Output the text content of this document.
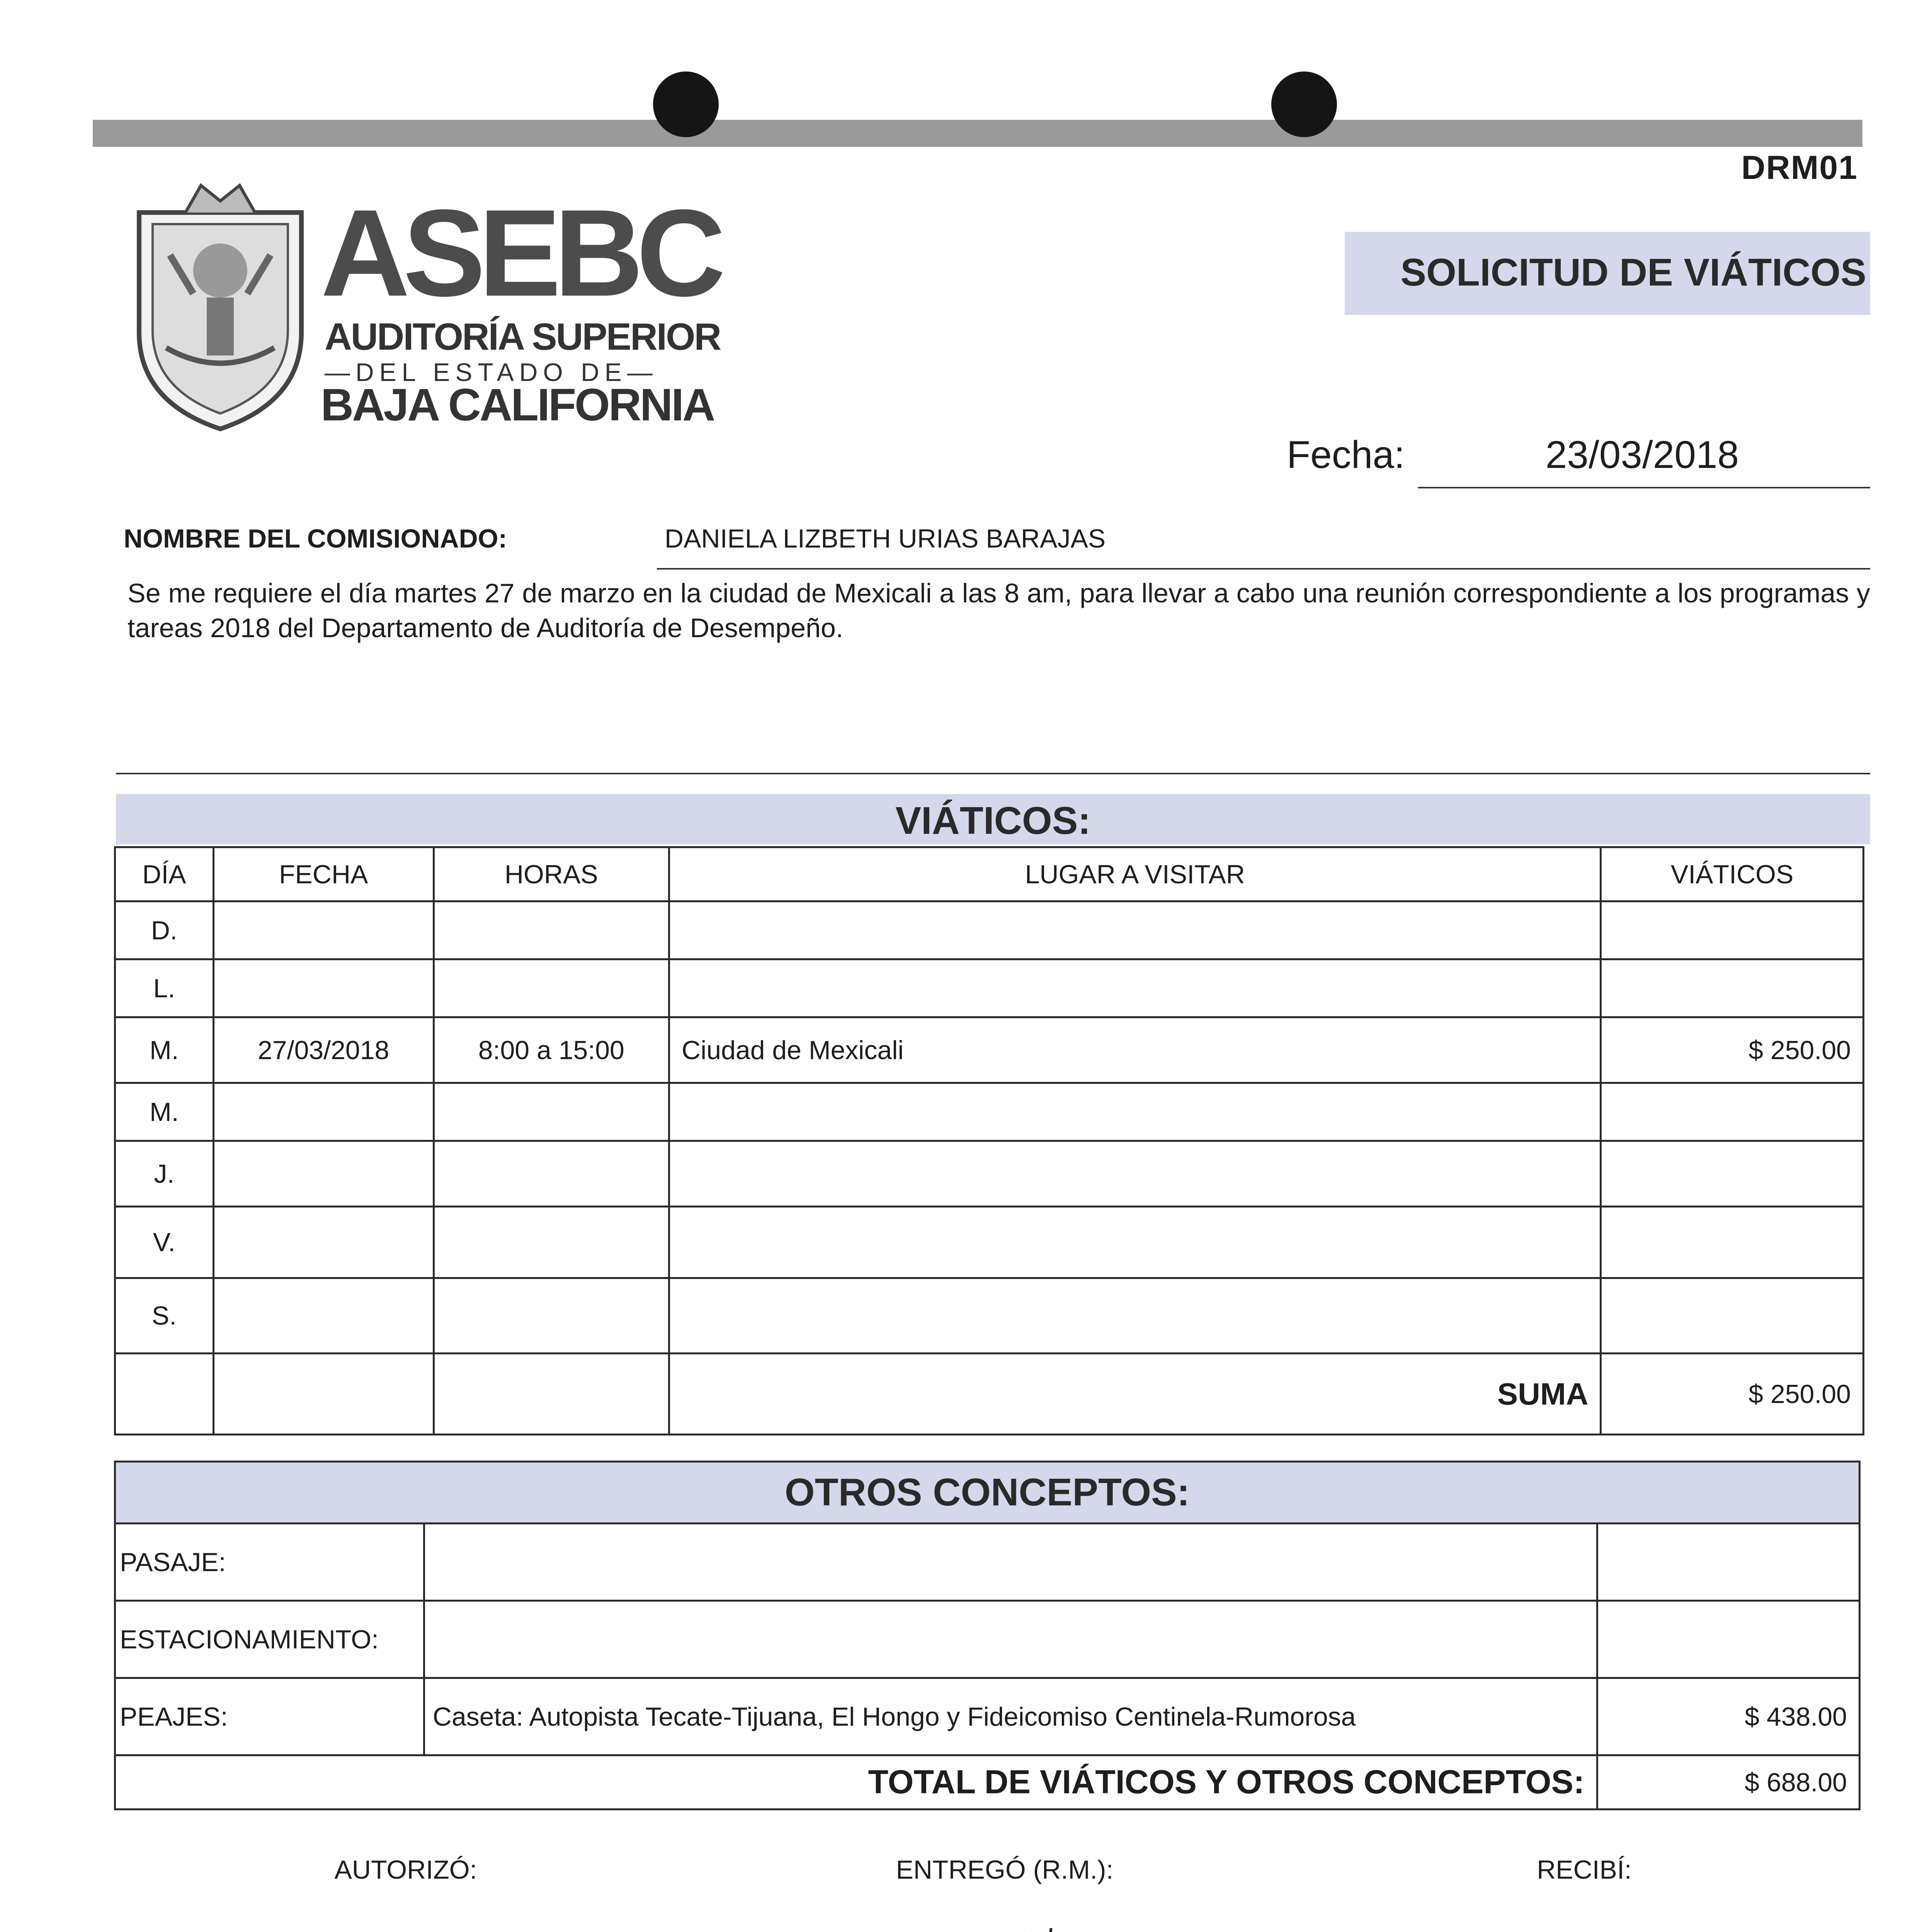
DRM01
SOLICITUD DE VIÁTICOS
ASEBC
AUDITORÍA SUPERIOR
—DEL ESTADO DE—
BAJA CALIFORNIA
Fecha:	23/03/2018
NOMBRE DEL COMISIONADO:	DANIELA LIZBETH URIAS BARAJAS
Se me requiere el día martes 27 de marzo en la ciudad de Mexicali a las 8 am, para llevar a cabo una reunión correspondiente a los programas y tareas 2018 del Departamento de Auditoría de Desempeño.
VIÁTICOS:
DÍA	FECHA	HORAS	LUGAR A VISITAR	VIÁTICOS
D.				
L.				
M.	27/03/2018	8:00 a 15:00	Ciudad de Mexicali	$ 250.00
M.				
J.				
V.				
S.				
			SUMA	$ 250.00
OTROS CONCEPTOS:		
PASAJE:		
ESTACIONAMIENTO:		
PEAJES:	Caseta: Autopista Tecate-Tijuana, El Hongo y Fideicomiso Centinela-Rumorosa	$ 438.00
TOTAL DE VIÁTICOS Y OTROS CONCEPTOS:		$ 688.00
AUTORIZÓ:	ENTREGÓ (R.M.):	RECIBÍ:
